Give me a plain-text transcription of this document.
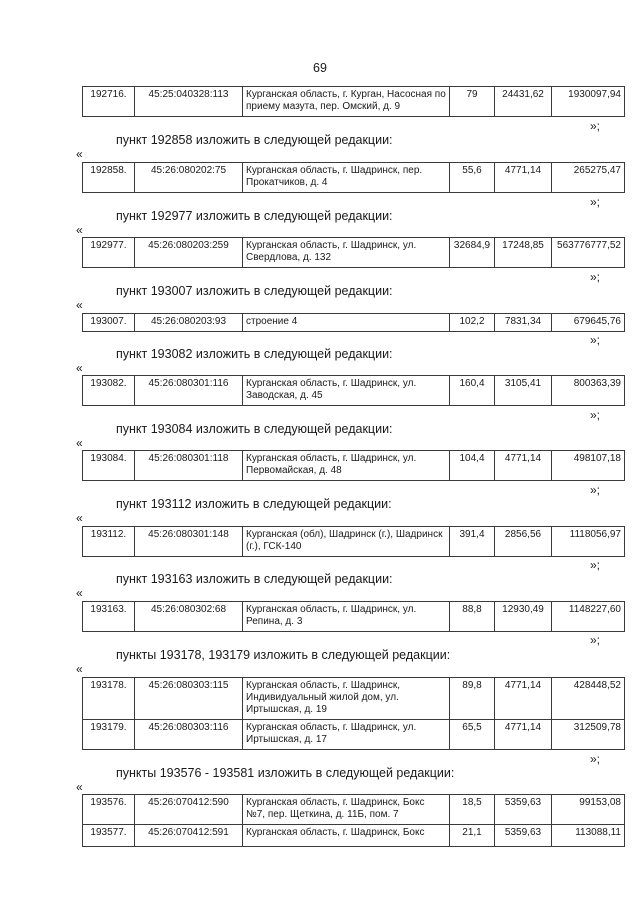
69
192716.	45:25:040328:113	Курганская область, г. Курган, Насосная по приему мазута, пер. Омский, д. 9	79	24431,62	1930097,94
»;
пункт 192858 изложить в следующей редакции:
«
192858.	45:26:080202:75	Курганская область, г. Шадринск, пер. Прокатчиков, д. 4	55,6	4771,14	265275,47
»;
пункт 192977 изложить в следующей редакции:
«
192977.	45:26:080203:259	Курганская область, г. Шадринск, ул. Свердлова, д. 132	32684,9	17248,85	563776777,52
»;
пункт 193007 изложить в следующей редакции:
«
193007.	45:26:080203:93	строение 4	102,2	7831,34	679645,76
»;
пункт 193082 изложить в следующей редакции:
«
193082.	45:26:080301:116	Курганская область, г. Шадринск, ул. Заводская, д. 45	160,4	3105,41	800363,39
»;
пункт 193084 изложить в следующей редакции:
«
193084.	45:26:080301:118	Курганская область, г. Шадринск, ул. Первомайская, д. 48	104,4	4771,14	498107,18
»;
пункт 193112 изложить в следующей редакции:
«
193112.	45:26:080301:148	Курганская (обл), Шадринск (г.), Шадринск (г.), ГСК-140	391,4	2856,56	1118056,97
»;
пункт 193163 изложить в следующей редакции:
«
193163.	45:26:080302:68	Курганская область, г. Шадринск, ул. Репина, д. 3	88,8	12930,49	1148227,60
»;
пункты 193178, 193179 изложить в следующей редакции:
«
193178.	45:26:080303:115	Курганская область, г. Шадринск, Индивидуальный жилой дом, ул. Иртышская, д. 19	89,8	4771,14	428448,52
193179.	45:26:080303:116	Курганская область, г. Шадринск, ул. Иртышская, д. 17	65,5	4771,14	312509,78
»;
пункты 193576 - 193581 изложить в следующей редакции:
«
193576.	45:26:070412:590	Курганская область, г. Шадринск, Бокс №7, пер. Щеткина, д. 11Б, пом. 7	18,5	5359,63	99153,08
193577.	45:26:070412:591	Курганская область, г. Шадринск, Бокс	21,1	5359,63	113088,11
